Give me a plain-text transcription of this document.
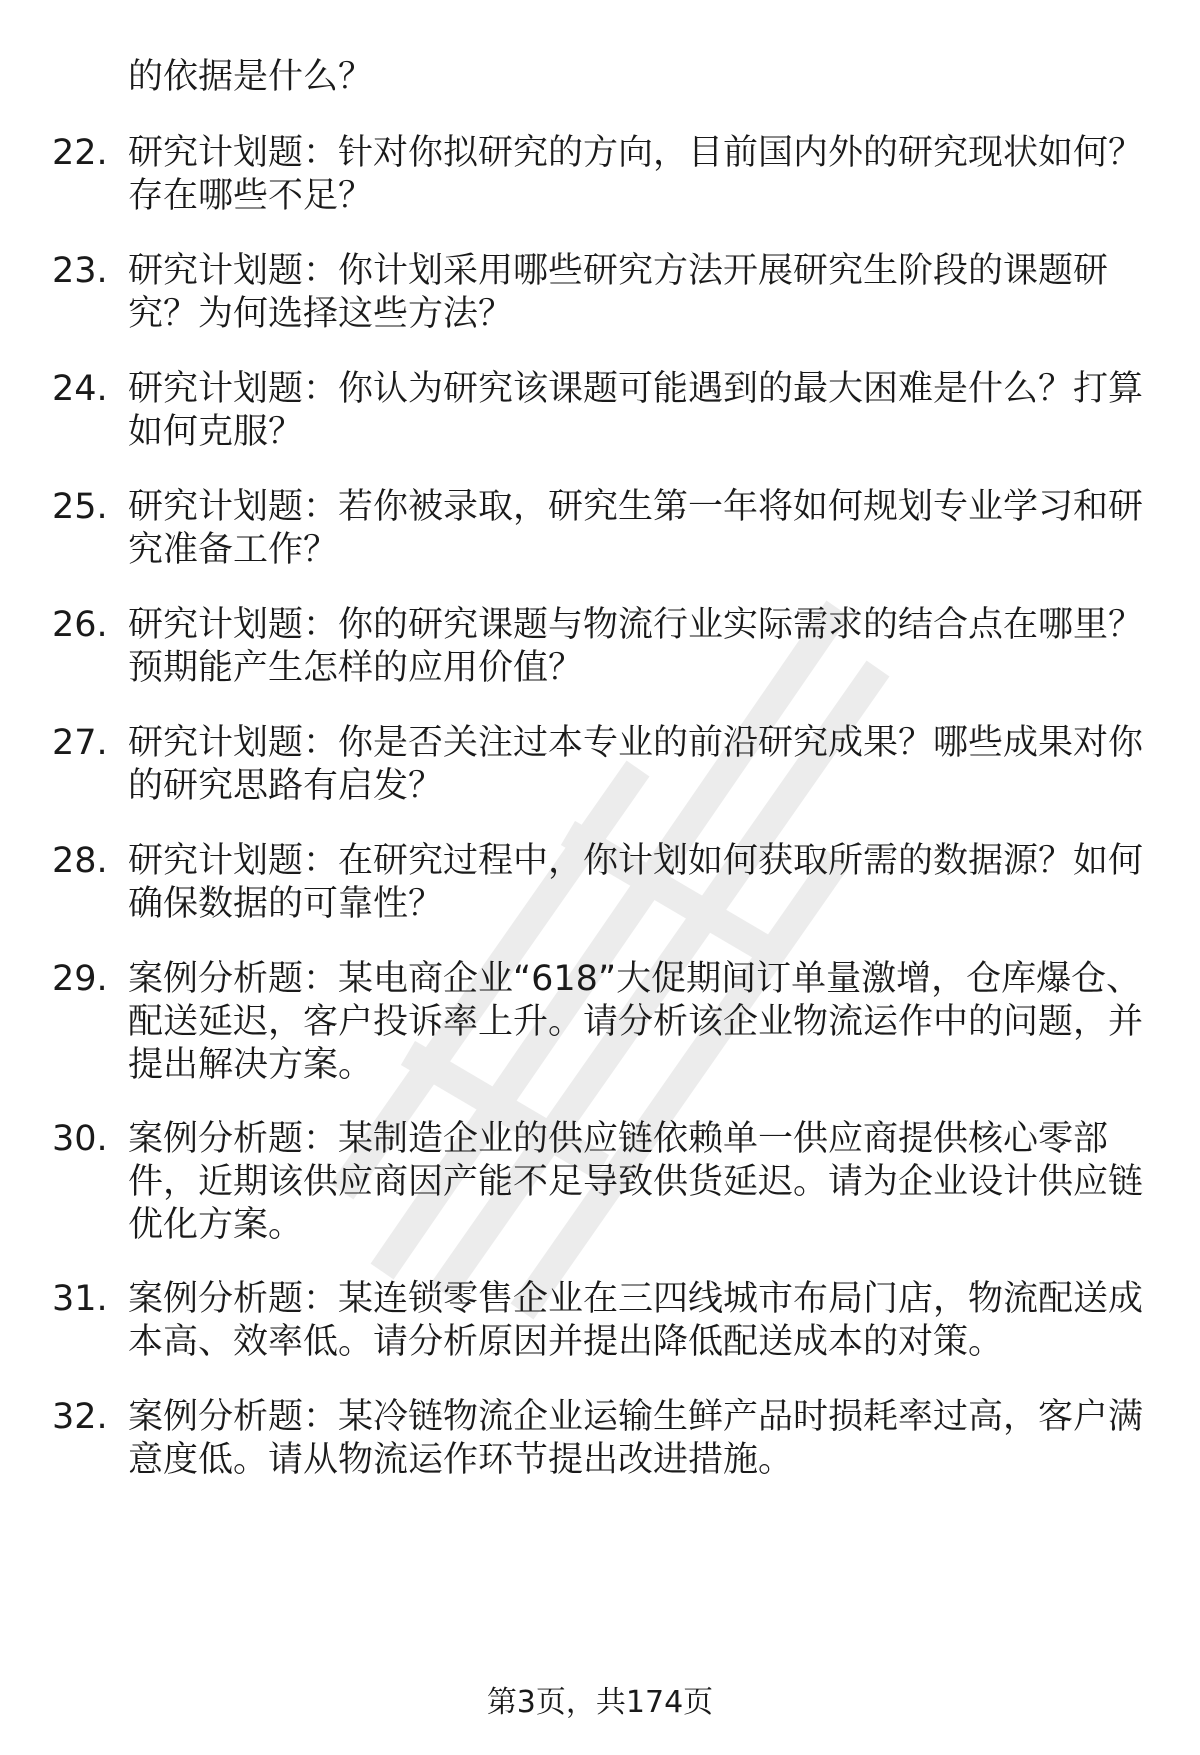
的依据是什么？
22. 研究计划题：针对你拟研究的方向，目前国内外的研究现状如何？存在哪些不足？
23. 研究计划题：你计划采用哪些研究方法开展研究生阶段的课题研究？为何选择这些方法？
24. 研究计划题：你认为研究该课题可能遇到的最大困难是什么？打算如何克服？
25. 研究计划题：若你被录取，研究生第一年将如何规划专业学习和研究准备工作？
26. 研究计划题：你的研究课题与物流行业实际需求的结合点在哪里？预期能产生怎样的应用价值？
27. 研究计划题：你是否关注过本专业的前沿研究成果？哪些成果对你的研究思路有启发？
28. 研究计划题：在研究过程中，你计划如何获取所需的数据源？如何确保数据的可靠性？
29. 案例分析题：某电商企业“618”大促期间订单量激增，仓库爆仓、配送延迟，客户投诉率上升。请分析该企业物流运作中的问题，并提出解决方案。
30. 案例分析题：某制造企业的供应链依赖单一供应商提供核心零部件，近期该供应商因产能不足导致供货延迟。请为企业设计供应链优化方案。
31. 案例分析题：某连锁零售企业在三四线城市布局门店，物流配送成本高、效率低。请分析原因并提出降低配送成本的对策。
32. 案例分析题：某冷链物流企业运输生鲜产品时损耗率过高，客户满意度低。请从物流运作环节提出改进措施。
第3页，共174页
